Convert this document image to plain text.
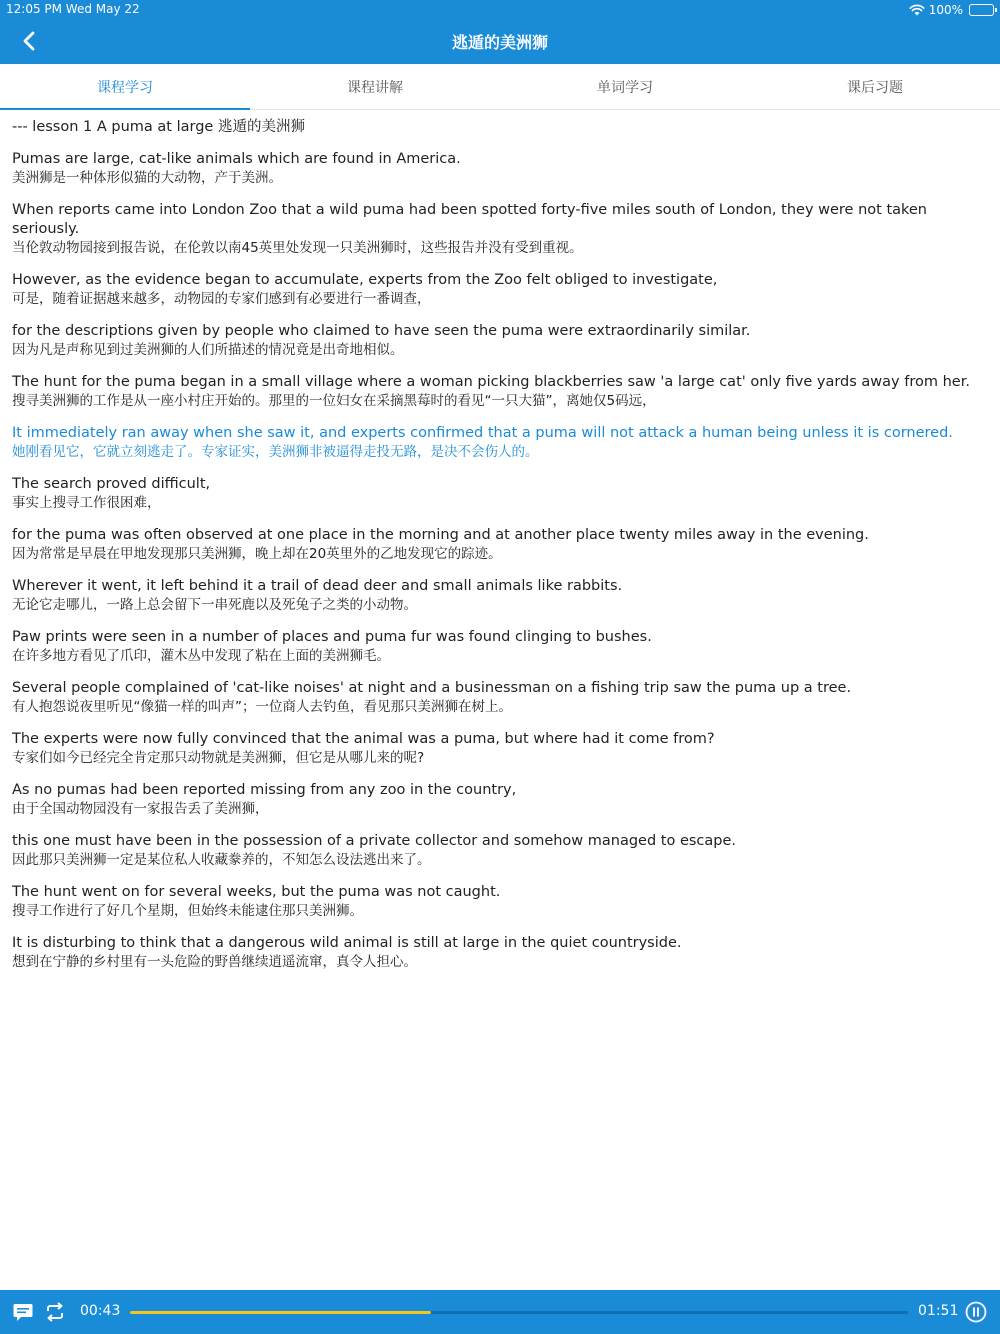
12:05 PM Wed May 22	100%
逃遁的美洲狮
课程学习	课程讲解	单词学习	课后习题
--- lesson 1 A puma at large 逃遁的美洲狮
Pumas are large, cat-like animals which are found in America.
美洲狮是一种体形似猫的大动物，产于美洲。
When reports came into London Zoo that a wild puma had been spotted forty-five miles south of London, they were not taken seriously.
当伦敦动物园接到报告说，在伦敦以南45英里处发现一只美洲狮时，这些报告并没有受到重视。
However, as the evidence began to accumulate, experts from the Zoo felt obliged to investigate,
可是，随着证据越来越多，动物园的专家们感到有必要进行一番调查，
for the descriptions given by people who claimed to have seen the puma were extraordinarily similar.
因为凡是声称见到过美洲狮的人们所描述的情况竟是出奇地相似。
The hunt for the puma began in a small village where a woman picking blackberries saw 'a large cat' only five yards away from her.
搜寻美洲狮的工作是从一座小村庄开始的。那里的一位妇女在采摘黑莓时的看见“一只大猫”，离她仅5码远，
It immediately ran away when she saw it, and experts confirmed that a puma will not attack a human being unless it is cornered.
她刚看见它，它就立刻逃走了。专家证实，美洲狮非被逼得走投无路，是决不会伤人的。
The search proved difficult,
事实上搜寻工作很困难，
for the puma was often observed at one place in the morning and at another place twenty miles away in the evening.
因为常常是早晨在甲地发现那只美洲狮，晚上却在20英里外的乙地发现它的踪迹。
Wherever it went, it left behind it a trail of dead deer and small animals like rabbits.
无论它走哪儿，一路上总会留下一串死鹿以及死兔子之类的小动物。
Paw prints were seen in a number of places and puma fur was found clinging to bushes.
在许多地方看见了爪印，灌木丛中发现了粘在上面的美洲狮毛。
Several people complained of 'cat-like noises' at night and a businessman on a fishing trip saw the puma up a tree.
有人抱怨说夜里听见“像猫一样的叫声”；一位商人去钓鱼，看见那只美洲狮在树上。
The experts were now fully convinced that the animal was a puma, but where had it come from?
专家们如今已经完全肯定那只动物就是美洲狮，但它是从哪儿来的呢?
As no pumas had been reported missing from any zoo in the country,
由于全国动物园没有一家报告丢了美洲狮，
this one must have been in the possession of a private collector and somehow managed to escape.
因此那只美洲狮一定是某位私人收藏豢养的，不知怎么设法逃出来了。
The hunt went on for several weeks, but the puma was not caught.
搜寻工作进行了好几个星期，但始终未能逮住那只美洲狮。
It is disturbing to think that a dangerous wild animal is still at large in the quiet countryside.
想到在宁静的乡村里有一头危险的野兽继续逍遥流窜，真令人担心。
00:43	01:51
